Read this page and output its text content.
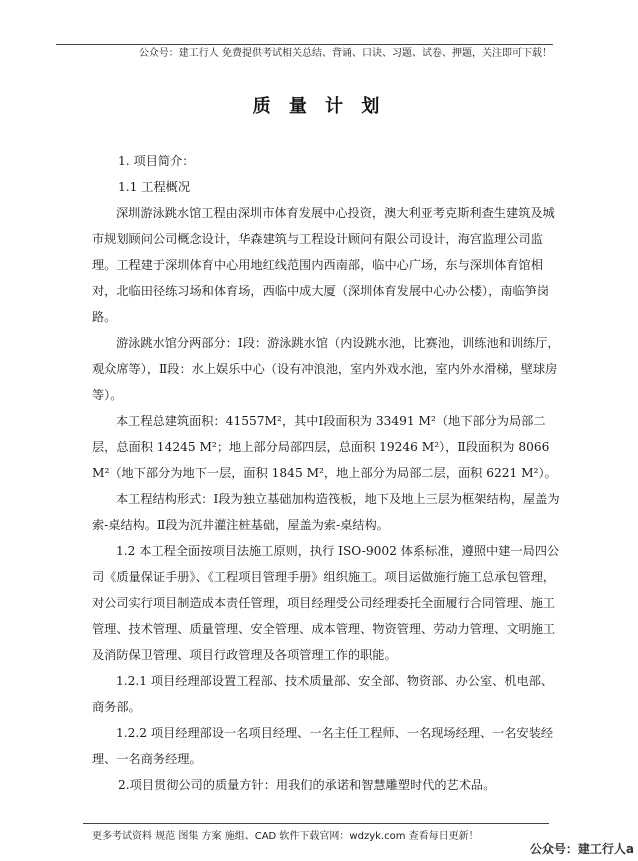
公众号：建工行人 免费提供考试相关总结、背诵、口诀、习题、试卷、押题，关注即可下载！
质 量 计 划

1. 项目简介：

1.1 工程概况

深圳游泳跳水馆工程由深圳市体育发展中心投资，澳大利亚考克斯利查生建筑及城市规划顾问公司概念设计，华森建筑与工程设计顾问有限公司设计，海宫监理公司监理。工程建于深圳体育中心用地红线范围内西南部，临中心广场，东与深圳体育馆相对，北临田径练习场和体育场，西临中成大厦（深圳体育发展中心办公楼），南临笋岗路。

游泳跳水馆分两部分：Ⅰ段：游泳跳水馆（内设跳水池，比赛池，训练池和训练厅，观众席等），Ⅱ段：水上娱乐中心（设有冲浪池，室内外戏水池，室内外水滑梯，壁球房等）。

本工程总建筑面积：41557M²，其中Ⅰ段面积为 33491 M²（地下部分为局部二层，总面积 14245 M²；地上部分局部四层，总面积 19246 M²），Ⅱ段面积为 8066 M²（地下部分为地下一层，面积 1845 M²，地上部分为局部二层，面积 6221 M²）。

本工程结构形式：Ⅰ段为独立基础加构造筏板，地下及地上三层为框架结构，屋盖为索-桌结构。Ⅱ段为沉井灌注桩基础，屋盖为索-桌结构。

1.2 本工程全面按项目法施工原则，执行 ISO-9002 体系标准，遵照中建一局四公司《质量保证手册》、《工程项目管理手册》组织施工。项目运做施行施工总承包管理，对公司实行项目制造成本责任管理，项目经理受公司经理委托全面履行合同管理、施工管理、技术管理、质量管理、安全管理、成本管理、物资管理、劳动力管理、文明施工及消防保卫管理、项目行政管理及各项管理工作的职能。

1.2.1 项目经理部设置工程部、技术质量部、安全部、物资部、办公室、机电部、商务部。

1.2.2 项目经理部设一名项目经理、一名主任工程师、一名现场经理、一名安装经理、一名商务经理。

2.项目贯彻公司的质量方针：用我们的承诺和智慧雕塑时代的艺术品。

更多考试资料 规范 图集 方案 施组、CAD 软件下载官网：wdzyk.com 查看每日更新！
公众号：建工行人a
